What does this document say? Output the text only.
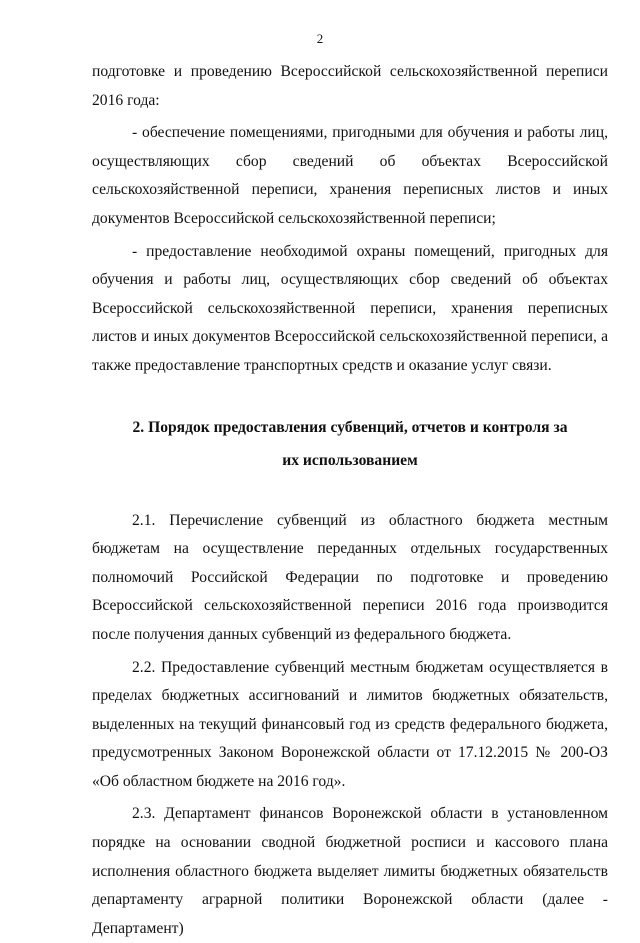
2

подготовке и проведению Всероссийской сельскохозяйственной переписи 2016 года:

- обеспечение помещениями, пригодными для обучения и работы лиц, осуществляющих сбор сведений об объектах Всероссийской сельскохозяйственной переписи, хранения переписных листов и иных документов Всероссийской сельскохозяйственной переписи;

- предоставление необходимой охраны помещений, пригодных для обучения и работы лиц, осуществляющих сбор сведений об объектах Всероссийской сельскохозяйственной переписи, хранения переписных листов и иных документов Всероссийской сельскохозяйственной переписи, а также предоставление транспортных средств и оказание услуг связи.

2. Порядок предоставления субвенций, отчетов и контроля за их использованием

2.1. Перечисление субвенций из областного бюджета местным бюджетам на осуществление переданных отдельных государственных полномочий Российской Федерации по подготовке и проведению Всероссийской сельскохозяйственной переписи 2016 года производится после получения данных субвенций из федерального бюджета.

2.2. Предоставление субвенций местным бюджетам осуществляется в пределах бюджетных ассигнований и лимитов бюджетных обязательств, выделенных на текущий финансовый год из средств федерального бюджета, предусмотренных Законом Воронежской области от 17.12.2015 № 200-ОЗ «Об областном бюджете на 2016 год».

2.3. Департамент финансов Воронежской области в установленном порядке на основании сводной бюджетной росписи и кассового плана исполнения областного бюджета выделяет лимиты бюджетных обязательств департаменту аграрной политики Воронежской области (далее - Департамент)
